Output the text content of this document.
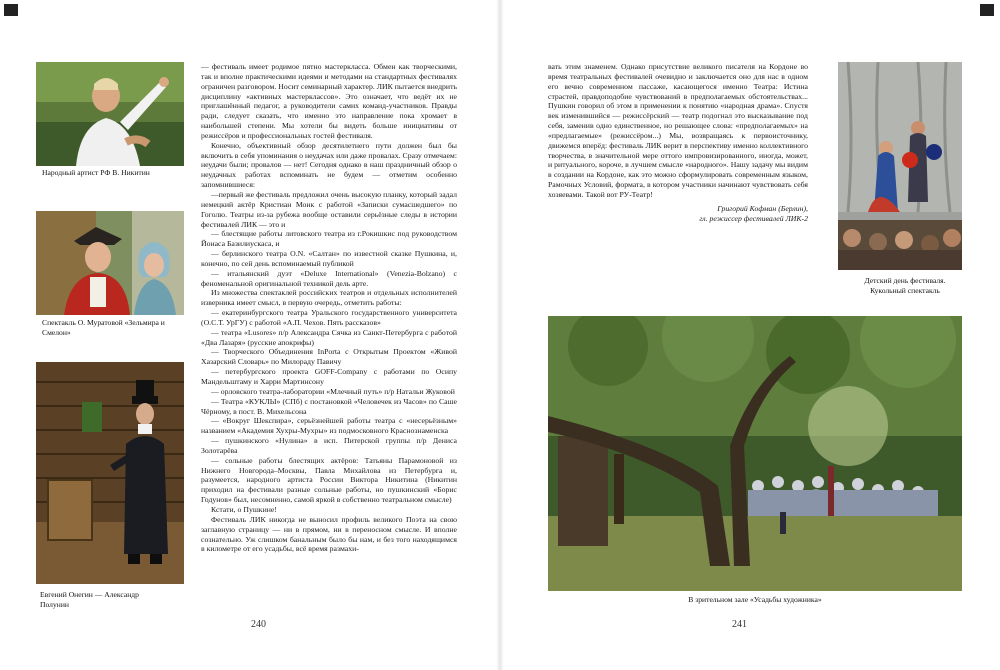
Народный артист РФ В. Никитин
Спектакль О. Муратовой «Зельмира и Смелон»
Евгений Онегин — Александр Полунин

— фестиваль имеет родимое пятно мастеркласса. Обмен как творческими, так и вполне практическими идеями и методами на стандартных фестивалях ограничен разговором. Носит семинарный характер. ЛИК пытается внедрить дисциплину «активных мастерклассов». Это означает, что ведёт их не приглашённый педагог, а руководители самих команд-участников. Правды ради, следует сказать, что именно это направление пока хромает в наибольшей степени. Мы хотели бы видеть больше инициативы от режиссёров и профессиональных гостей фестиваля.

Конечно, объективный обзор десятилетнего пути должен был бы включить в себя упоминания о неудачах или даже провалах. Сразу отмечаем: неудачи были; провалов — нет! Сегодня однако в наш праздничный обзор о неудачных работах вспоминать не будем — отметим особенно запомнившиеся:

—первый же фестиваль предложил очень высокую планку, который задал немецкий актёр Кристиан Монк с работой «Записки сумасшедшего» по Гоголю. Театры из-за рубежа вообще оставили серьёзные следы в истории фестивалей ЛИК — это и

— блестящие работы литовского театра из г.Рокишкис под руководством Йонаса Базилиускаса, и

— берлинского театра O.N. «Салтан» по известной сказке Пушкина, и, конечно, по сей день вспоминаемый публикой

— итальянский дуэт «Deluxe International» (Venezia-Bolzano) с феноменальной оригинальной техникой дель арте.

Из множества спектаклей российских театров и отдельных исполнителей изверника имеет смысл, в первую очередь, отметить работы:

— екатеринбургского театра Уральского государственного университета (О.С.Т. УрГУ) с работой «А.П. Чехов. Пять рассказов»

— театра «Lusores» п/р Александра Сячка из Санкт-Петербурга с работой «Два Лазаря» (русские апокрифы)

— Творческого Объединения InPorta с Открытым Проектом «Живой Хазарский Словарь» по Милораду Павичу

— петербургского проекта GOFF-Company с работами по Осипу Мандельштаму и Харри Мартинсону

— орловского театра-лаборатории «Млечный путь» п/р Натальи Жуковой

— Театра «КУКЛЫ» (СПб) с постановкой «Человечек из Часов» по Саше Чёрному, в пост. В. Михельсона

— «Вокруг Шекспира», серьёзнейшей работы театра с «несерьёзным» названием «Академия Хухры-Мухры» из подмосковного Краснознаменска

— пушкинского «Нулина» в исп. Питерской группы п/р Дениса Золотарёва

— сольные работы блестящих актёров: Татьяны Парамоновой из Нижнего Новгорода–Москвы, Павла Михайлова из Петербурга и, разумеется, народного артиста России Виктора Никитина (Никитин приходил на фестивали разные сольные работы, но пушкинский «Борис Годунов» был, несомненно, самой яркой в собственно театральном смысле)

Кстати, о Пушкине!

Фестиваль ЛИК никогда не выносил профиль великого Поэта на свою заглавную страницу — ни в прямом, ни в переносном смысле. И вполне сознательно. Уж слишком банальным было бы нам, и без того находящимся в километре от его усадьбы, всё время размахи-

240

вать этим знаменем. Однако присутствие великого писателя на Кордоне во время театральных фестивалей очевидно и заключается оно для нас в одном его вечно современном пассаже, касающегося именно Театра: Истина страстей, правдоподобие чувствований в предполагаемых обстоятельствах... Пушкин говорил об этом в применении к понятию «народная драма». Спустя век изменившийся — режиссёрский — театр подогнал это высказывание под себя, заменив одно единственное, но решающее слова: «предполагаемых» на «предлагаемые» (режиссёром...) Мы, возвращаясь к первоисточнику, движемся вперёд: фестиваль ЛИК верит в перспективу именно коллективного творчества, в значительной мере оттого импровизированного, иногда, может, и ритуального, короче, в лучшем смысле «народного». Нашу задачу мы видим в создании на Кордоне, как это можно сформулировать современным языком, Рамочных Условий, формата, в котором участники начинают чувствовать себя хозяевами. Такой вот РУ-Театр!

Григорий Кофман (Берлин),

гл. режиссер фестивалей ЛИК-2

Детский день фестиваля. Кукольный спектакль
В зрительном зале «Усадьбы художника»
241
